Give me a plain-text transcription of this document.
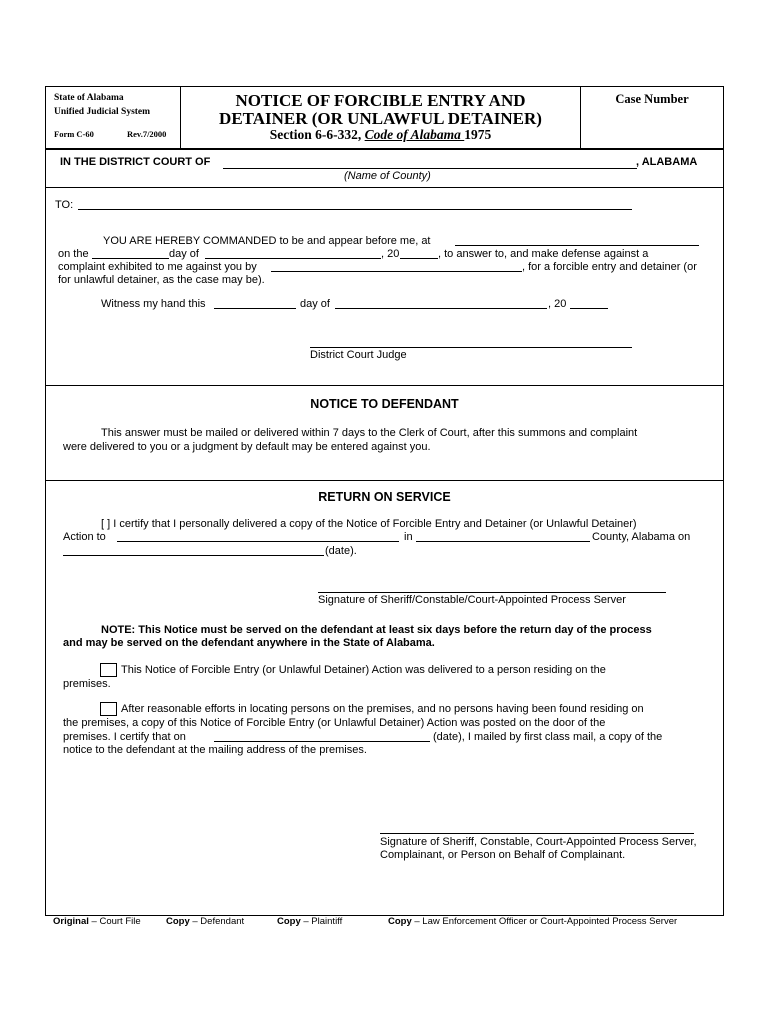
State of Alabama
Unified Judicial System
Form C-60	Rev.7/2000
NOTICE OF FORCIBLE ENTRY AND
DETAINER (OR UNLAWFUL DETAINER)
Section 6-6-332, Code of Alabama 1975
Case Number
IN THE DISTRICT COURT OF	, ALABAMA
(Name of County)
TO:
YOU ARE HEREBY COMMANDED to be and appear before me, at
on the	day of	, 20	, to answer to, and make defense against a
complaint exhibited to me against you by	, for a forcible entry and detainer (or
for unlawful detainer, as the case may be).
Witness my hand this	day of	, 20
District Court Judge
NOTICE TO DEFENDANT
This answer must be mailed or delivered within 7 days to the Clerk of Court, after this summons and complaint
were delivered to you or a judgment by default may be entered against you.
RETURN ON SERVICE
[ ] I certify that I personally delivered a copy of the Notice of Forcible Entry and Detainer (or Unlawful Detainer)
Action to	in	County, Alabama on
(date).
Signature of Sheriff/Constable/Court-Appointed Process Server
NOTE: This Notice must be served on the defendant at least six days before the return day of the process
and may be served on the defendant anywhere in the State of Alabama.
This Notice of Forcible Entry (or Unlawful Detainer) Action was delivered to a person residing on the
premises.
After reasonable efforts in locating persons on the premises, and no persons having been found residing on
the premises, a copy of this Notice of Forcible Entry (or Unlawful Detainer) Action was posted on the door of the
premises. I certify that on	(date), I mailed by first class mail, a copy of the
notice to the defendant at the mailing address of the premises.
Signature of Sheriff, Constable, Court-Appointed Process Server,
Complainant, or Person on Behalf of Complainant.
Original – Court File	Copy – Defendant	Copy – Plaintiff	Copy – Law Enforcement Officer or Court-Appointed Process Server
